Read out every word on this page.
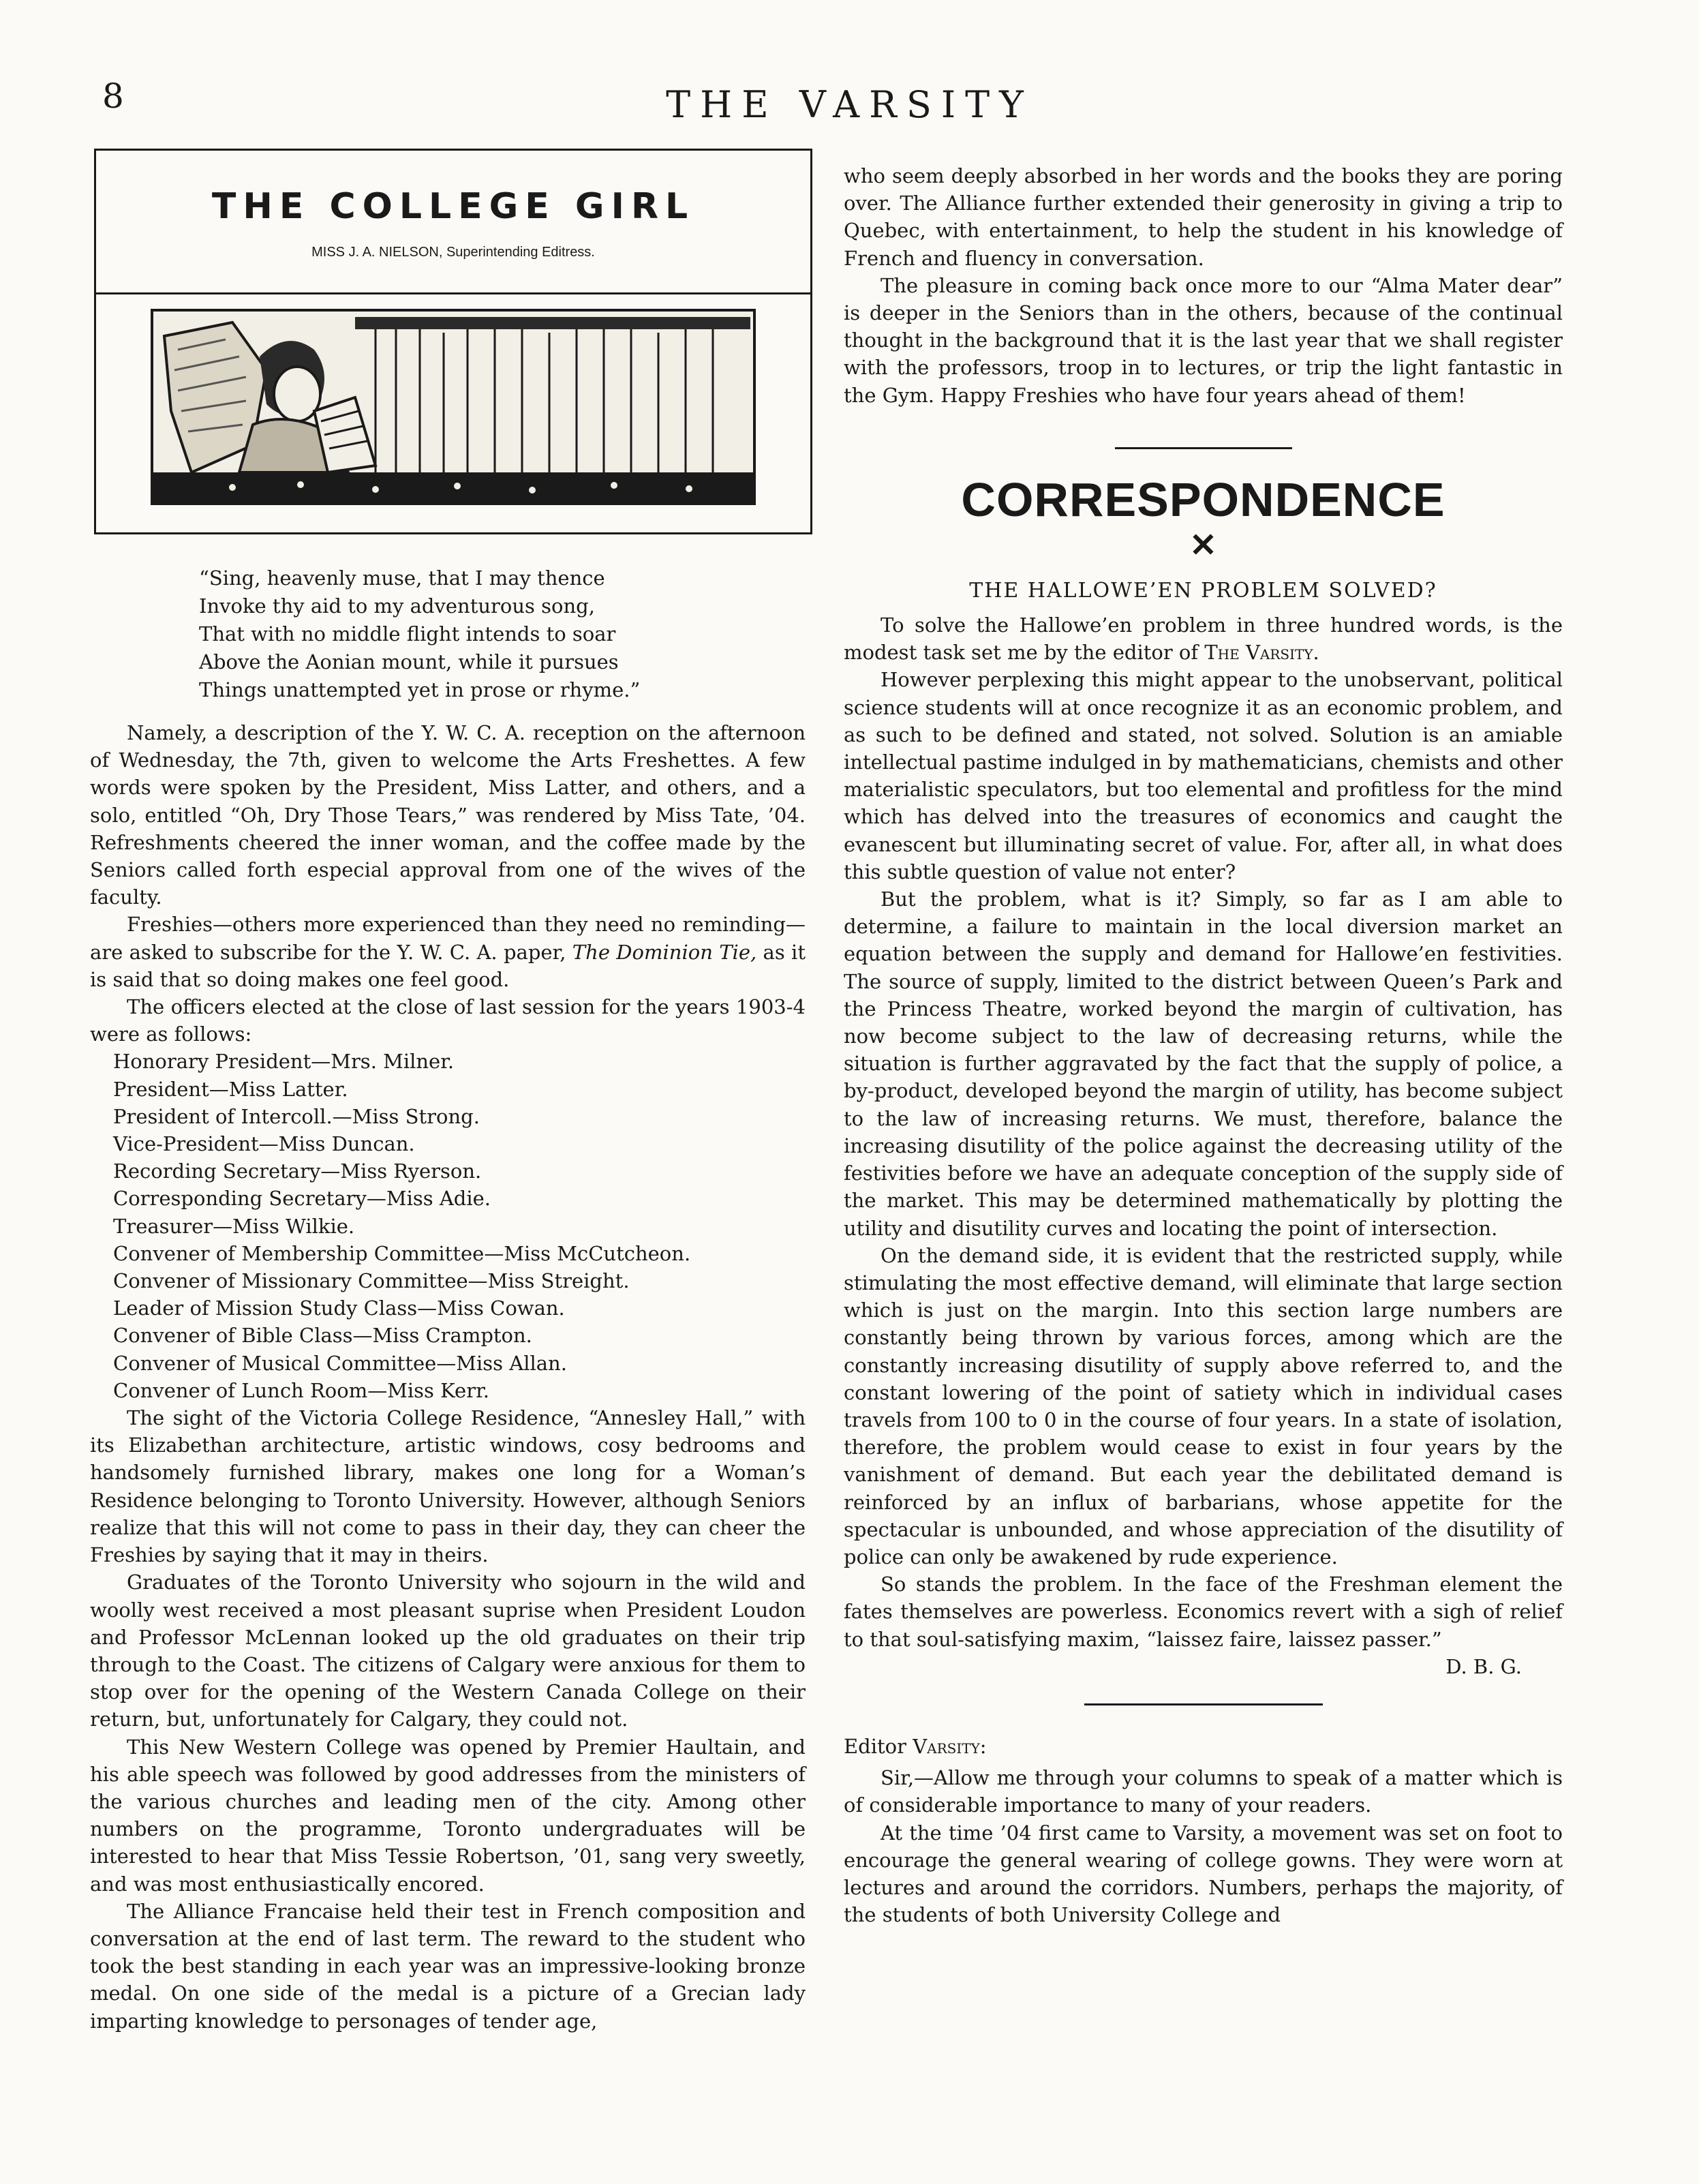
8	THE VARSITY
THE COLLEGE GIRL
MISS J. A. NIELSON, Superintending Editress.
“Sing, heavenly muse, that I may thence
Invoke thy aid to my adventurous song,
That with no middle flight intends to soar
Above the Aonian mount, while it pursues
Things unattempted yet in prose or rhyme.”

Namely, a description of the Y. W. C. A. reception on the afternoon of Wednesday, the 7th, given to welcome the Arts Freshettes. A few words were spoken by the President, Miss Latter, and others, and a solo, entitled “Oh, Dry Those Tears,” was rendered by Miss Tate, ’04. Refreshments cheered the inner woman, and the coffee made by the Seniors called forth especial approval from one of the wives of the faculty.

Freshies—others more experienced than they need no reminding—are asked to subscribe for the Y. W. C. A. paper, The Dominion Tie, as it is said that so doing makes one feel good.

The officers elected at the close of last session for the years 1903-4 were as follows:

Honorary President—Mrs. Milner.
President—Miss Latter.
President of Intercoll.—Miss Strong.
Vice-President—Miss Duncan.
Recording Secretary—Miss Ryerson.
Corresponding Secretary—Miss Adie.
Treasurer—Miss Wilkie.
Convener of Membership Committee—Miss McCutcheon.
Convener of Missionary Committee—Miss Streight.
Leader of Mission Study Class—Miss Cowan.
Convener of Bible Class—Miss Crampton.
Convener of Musical Committee—Miss Allan.
Convener of Lunch Room—Miss Kerr.

The sight of the Victoria College Residence, “Annesley Hall,” with its Elizabethan architecture, artistic windows, cosy bedrooms and handsomely furnished library, makes one long for a Woman’s Residence belonging to Toronto University. However, although Seniors realize that this will not come to pass in their day, they can cheer the Freshies by saying that it may in theirs.

Graduates of the Toronto University who sojourn in the wild and woolly west received a most pleasant suprise when President Loudon and Professor McLennan looked up the old graduates on their trip through to the Coast. The citizens of Calgary were anxious for them to stop over for the opening of the Western Canada College on their return, but, unfortunately for Calgary, they could not.

This New Western College was opened by Premier Haultain, and his able speech was followed by good addresses from the ministers of the various churches and leading men of the city. Among other numbers on the programme, Toronto undergraduates will be interested to hear that Miss Tessie Robertson, ’01, sang very sweetly, and was most enthusiastically encored.

The Alliance Francaise held their test in French composition and conversation at the end of last term. The reward to the student who took the best standing in each year was an impressive-looking bronze medal. On one side of the medal is a picture of a Grecian lady imparting knowledge to personages of tender age,

who seem deeply absorbed in her words and the books they are poring over. The Alliance further extended their generosity in giving a trip to Quebec, with entertainment, to help the student in his knowledge of French and fluency in conversation.

The pleasure in coming back once more to our “Alma Mater dear” is deeper in the Seniors than in the others, because of the continual thought in the background that it is the last year that we shall register with the professors, troop in to lectures, or trip the light fantastic in the Gym. Happy Freshies who have four years ahead of them!

CORRESPONDENCE
✕
THE HALLOWE’EN PROBLEM SOLVED?

To solve the Hallowe’en problem in three hundred words, is the modest task set me by the editor of The Varsity.

However perplexing this might appear to the unobservant, political science students will at once recognize it as an economic problem, and as such to be defined and stated, not solved. Solution is an amiable intellectual pastime indulged in by mathematicians, chemists and other materialistic speculators, but too elemental and profitless for the mind which has delved into the treasures of economics and caught the evanescent but illuminating secret of value. For, after all, in what does this subtle question of value not enter?

But the problem, what is it? Simply, so far as I am able to determine, a failure to maintain in the local diversion market an equation between the supply and demand for Hallowe’en festivities. The source of supply, limited to the district between Queen’s Park and the Princess Theatre, worked beyond the margin of cultivation, has now become subject to the law of decreasing returns, while the situation is further aggravated by the fact that the supply of police, a by-product, developed beyond the margin of utility, has become subject to the law of increasing returns. We must, therefore, balance the increasing disutility of the police against the decreasing utility of the festivities before we have an adequate conception of the supply side of the market. This may be determined mathematically by plotting the utility and disutility curves and locating the point of intersection.

On the demand side, it is evident that the restricted supply, while stimulating the most effective demand, will eliminate that large section which is just on the margin. Into this section large numbers are constantly being thrown by various forces, among which are the constantly increasing disutility of supply above referred to, and the constant lowering of the point of satiety which in individual cases travels from 100 to 0 in the course of four years. In a state of isolation, therefore, the problem would cease to exist in four years by the vanishment of demand. But each year the debilitated demand is reinforced by an influx of barbarians, whose appetite for the spectacular is unbounded, and whose appreciation of the disutility of police can only be awakened by rude experience.

So stands the problem. In the face of the Freshman element the fates themselves are powerless. Economics revert with a sigh of relief to that soul-satisfying maxim, “laissez faire, laissez passer.”

D. B. G.

Editor Varsity:

Sir,—Allow me through your columns to speak of a matter which is of considerable importance to many of your readers.

At the time ’04 first came to Varsity, a movement was set on foot to encourage the general wearing of college gowns. They were worn at lectures and around the corridors. Numbers, perhaps the majority, of the students of both University College and
